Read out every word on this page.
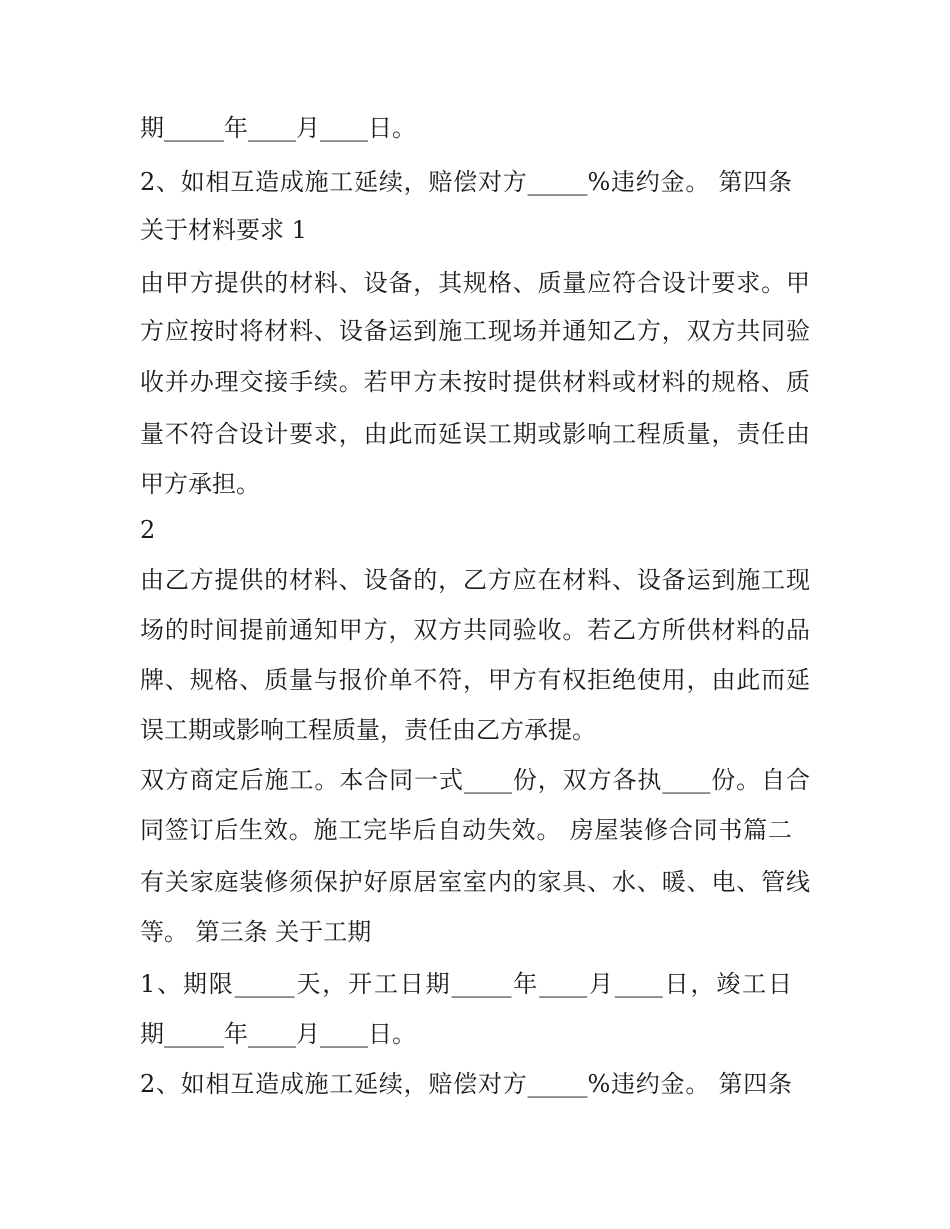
期_____年____月____日。
2、如相互造成施工延续，赔偿对方_____%违约金。 第四条
关于材料要求 1
由甲方提供的材料、设备，其规格、质量应符合设计要求。甲
方应按时将材料、设备运到施工现场并通知乙方，双方共同验
收并办理交接手续。若甲方未按时提供材料或材料的规格、质
量不符合设计要求，由此而延误工期或影响工程质量，责任由
甲方承担。
2
由乙方提供的材料、设备的，乙方应在材料、设备运到施工现
场的时间提前通知甲方，双方共同验收。若乙方所供材料的品
牌、规格、质量与报价单不符，甲方有权拒绝使用，由此而延
误工期或影响工程质量，责任由乙方承提。
双方商定后施工。本合同一式____份，双方各执____份。自合
同签订后生效。施工完毕后自动失效。 房屋装修合同书篇二
有关家庭装修须保护好原居室室内的家具、水、暖、电、管线
等。 第三条 关于工期
1、期限_____天，开工日期_____年____月____日，竣工日
期_____年____月____日。
2、如相互造成施工延续，赔偿对方_____%违约金。 第四条
